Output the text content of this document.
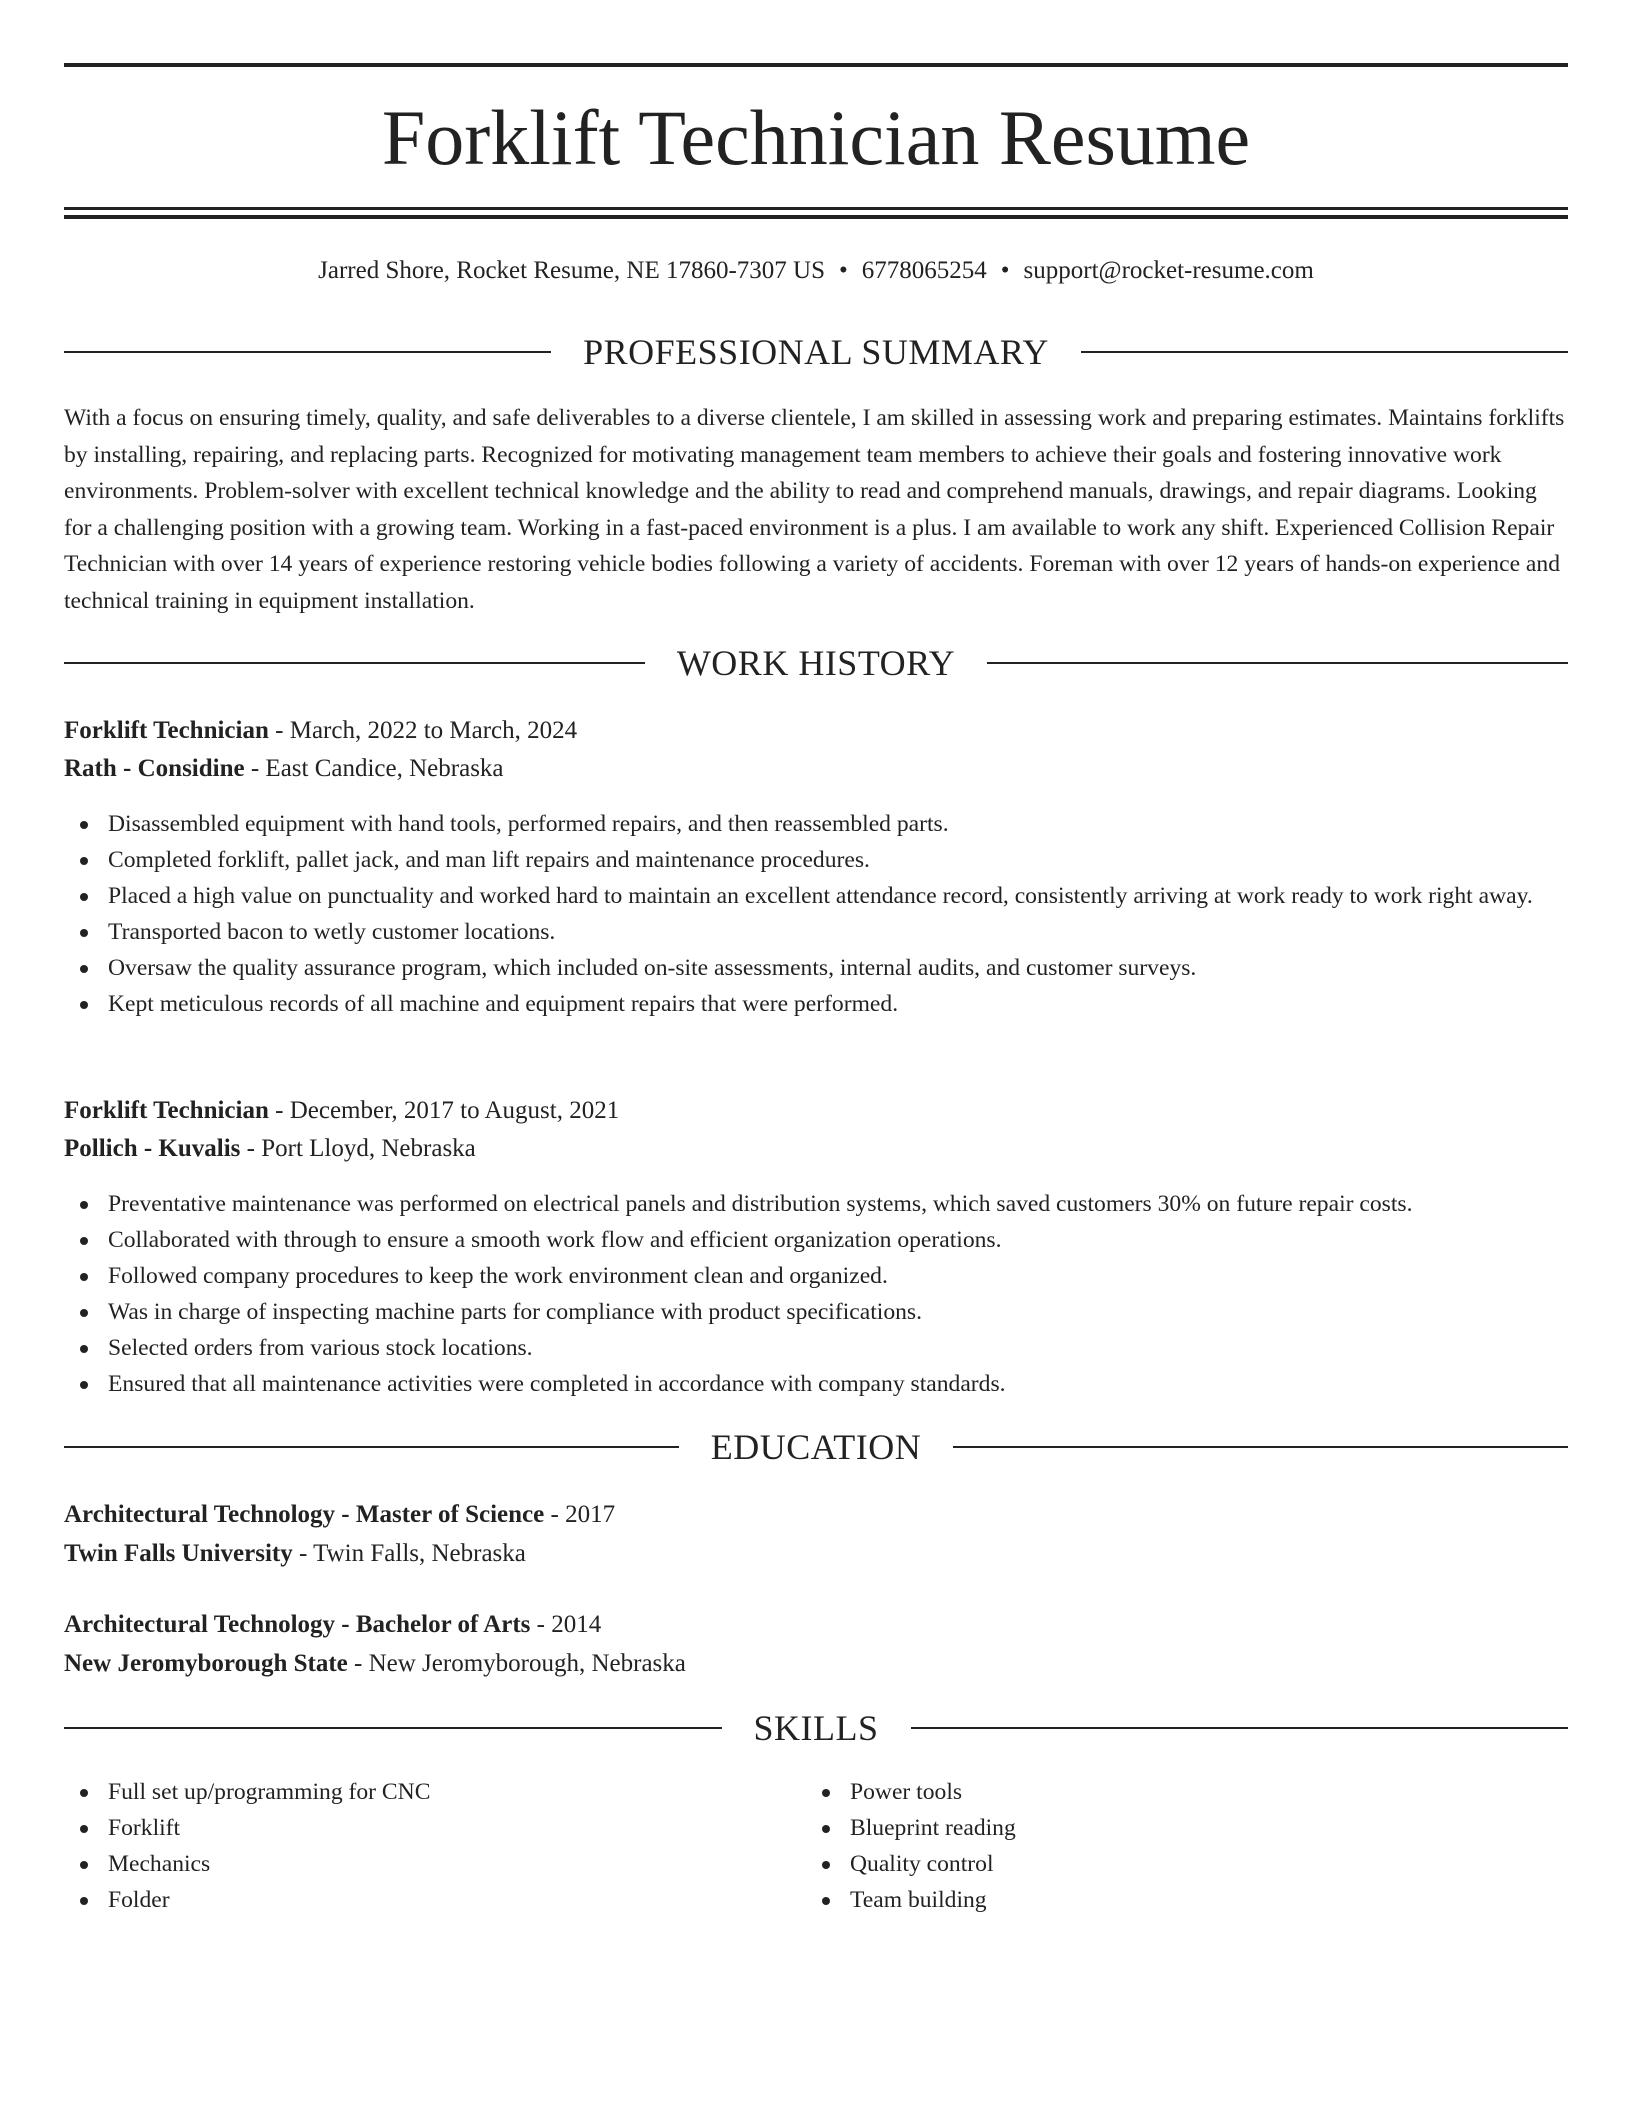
Forklift Technician Resume
Jarred Shore, Rocket Resume, NE 17860-7307 US • 6778065254 • support@rocket-resume.com
PROFESSIONAL SUMMARY

With a focus on ensuring timely, quality, and safe deliverables to a diverse clientele, I am skilled in assessing work and preparing estimates. Maintains forklifts by installing, repairing, and replacing parts. Recognized for motivating management team members to achieve their goals and fostering innovative work environments. Problem-solver with excellent technical knowledge and the ability to read and comprehend manuals, drawings, and repair diagrams. Looking for a challenging position with a growing team. Working in a fast-paced environment is a plus. I am available to work any shift. Experienced Collision Repair Technician with over 14 years of experience restoring vehicle bodies following a variety of accidents. Foreman with over 12 years of hands-on experience and technical training in equipment installation.

WORK HISTORY
Forklift Technician - March, 2022 to March, 2024
Rath - Considine - East Candice, Nebraska
Disassembled equipment with hand tools, performed repairs, and then reassembled parts.
Completed forklift, pallet jack, and man lift repairs and maintenance procedures.
Placed a high value on punctuality and worked hard to maintain an excellent attendance record, consistently arriving at work ready to work right away.
Transported bacon to wetly customer locations.
Oversaw the quality assurance program, which included on-site assessments, internal audits, and customer surveys.
Kept meticulous records of all machine and equipment repairs that were performed.
Forklift Technician - December, 2017 to August, 2021
Pollich - Kuvalis - Port Lloyd, Nebraska
Preventative maintenance was performed on electrical panels and distribution systems, which saved customers 30% on future repair costs.
Collaborated with through to ensure a smooth work flow and efficient organization operations.
Followed company procedures to keep the work environment clean and organized.
Was in charge of inspecting machine parts for compliance with product specifications.
Selected orders from various stock locations.
Ensured that all maintenance activities were completed in accordance with company standards.
EDUCATION
Architectural Technology - Master of Science - 2017
Twin Falls University - Twin Falls, Nebraska
Architectural Technology - Bachelor of Arts - 2014
New Jeromyborough State - New Jeromyborough, Nebraska
SKILLS
Full set up/programming for CNC
Forklift
Mechanics
Folder
Power tools
Blueprint reading
Quality control
Team building
